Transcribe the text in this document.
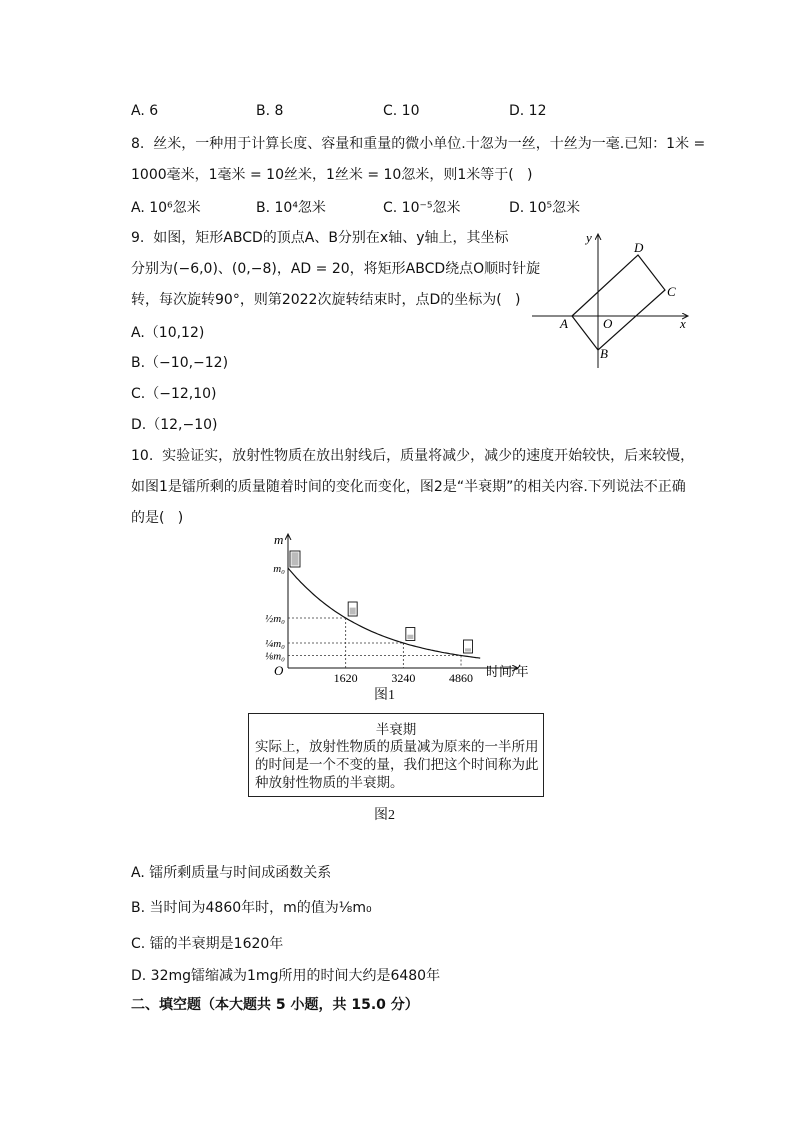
A. 6	B. 8	C. 10	D. 12
8.  丝米，一种用于计算长度、容量和重量的微小单位.十忽为一丝，十丝为一毫.已知：1米 =
1000毫米，1毫米 = 10丝米，1丝米 = 10忽米，则1米等于(   )
A. 10⁶忽米	B. 10⁴忽米	C. 10⁻⁵忽米	D. 10⁵忽米
9.  如图，矩形ABCD的顶点A、B分别在x轴、y轴上，其坐标
分别为(−6,0)、(0,−8)，AD = 20，将矩形ABCD绕点O顺时针旋
转，每次旋转90°，则第2022次旋转结束时，点D的坐标为(   )
A.（10,12)
B.（−10,−12)
C.（−12,10)
D.（12,−10)
y
x
D
C
A	O
B
10.  实验证实，放射性物质在放出射线后，质量将减少，减少的速度开始较快，后来较慢，
如图1是镭所剩的质量随着时间的变化而变化，图2是“半衰期”的相关内容.下列说法不正确
的是(   )
m
时间/年
O
m₀
½m₀
¼m₀
⅛m₀
1620	3240	4860
图1
半衰期
实际上，放射性物质的质量减为原来的一半所用的时间是一个不变的量，我们把这个时间称为此种放射性物质的半衰期。
图2
A. 镭所剩质量与时间成函数关系
B. 当时间为4860年时，m的值为⅛m₀
C. 镭的半衰期是1620年
D. 32mg镭缩减为1mg所用的时间大约是6480年
二、填空题（本大题共 5 小题，共 15.0 分）
